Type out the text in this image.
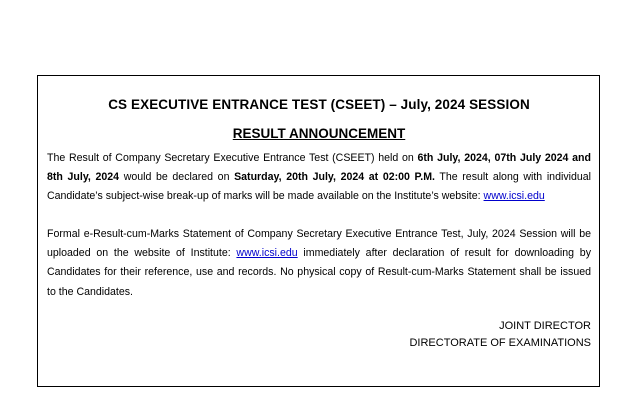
CS EXECUTIVE ENTRANCE TEST (CSEET) – July, 2024 SESSION
RESULT ANNOUNCEMENT
The Result of Company Secretary Executive Entrance Test (CSEET) held on 6th July, 2024, 07th July 2024 and 8th July, 2024 would be declared on Saturday, 20th July, 2024 at 02:00 P.M. The result along with individual Candidate’s subject-wise break-up of marks will be made available on the Institute’s website: www.icsi.edu
Formal e-Result-cum-Marks Statement of Company Secretary Executive Entrance Test, July, 2024 Session will be uploaded on the website of Institute: www.icsi.edu immediately after declaration of result for downloading by Candidates for their reference, use and records. No physical copy of Result-cum-Marks Statement shall be issued to the Candidates.
JOINT DIRECTOR
DIRECTORATE OF EXAMINATIONS
